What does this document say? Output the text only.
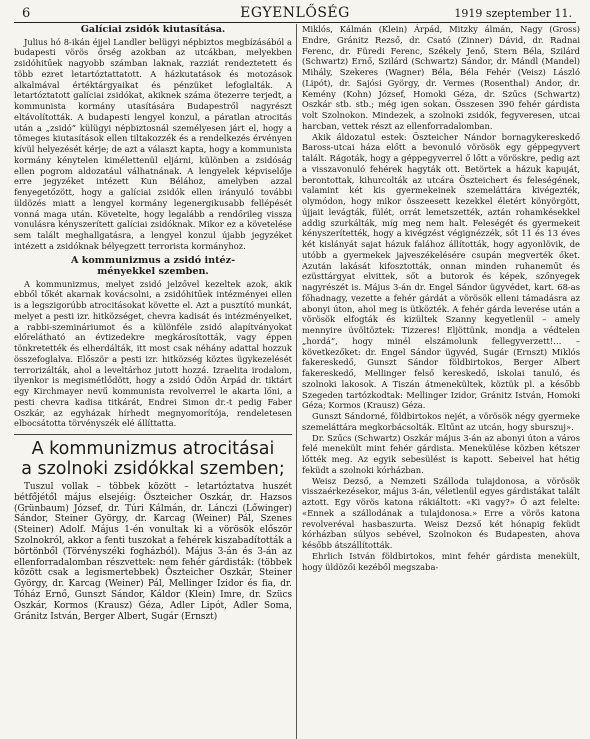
6	EGYENLŐSÉG	1919 szeptember 11.
Galíciai zsidók kiutasítása.

Julius hó 8-ikán éjjel Landler belügyi népbiztos megbízásából a budapesti vörös őrség azokban az utcákban, melyekben zsidóhitűek nagyobb számban laknak, razziát rendeztetett és több ezret letartóztattatott. A házkutatások és motozások alkalmával értéktárgyaikat és pénzüket lefoglalták. A letartóztatott galíciai zsidókat, akiknek száma ötezerre terjedt, a kommunista kormány utasítására Budapestről nagyrészt eltávolították. A budapesti lengyel konzul, a páratlan atrocitás után a „zsidó” külügyi népbiztosnál személyesen járt el, hogy a tömeges kiutasítások ellen tiltakozzék és a rendelkezés érvényen kívül helyezését kérje; de azt a választ kapta, hogy a kommunista kormány kénytelen kimélettenül eljárni, különben a zsidóság ellen pogrom aldozatául válhatnának. A lengyelek képviselője erre jegyzéket intézett Kun Bélához, amelyben azzal fenyegetőzött, hogy a galíciai zsidók ellen irányuló további üldözés miatt a lengyel kormány legenergikusabb fellépését vonná maga után. Követelte, hogy legalább a rendőrileg vissza vonulásra kényszerített galíciai zsidóknak. Mikor ez a követelése sem talált meghallgatásra, a lengyel konzul újabb jegyzéket intézett a zsidóknak bélyegzett terrorista kormányhoz.

A kommunizmus a zsidó intéz-
ményekkel szemben.

A kommunizmus, melyet zsidó jelzővel kezeltek azok, akik ebből tőkét akarnak kovácsolni, a zsidóhitűek intézményei ellen is a legszigorúbb atrocitásokat követte el. Azt a pusztító munkát, melyet a pesti izr. hitközséget, chevra kadisát és intézményeiket, a rabbi-szemináriumot és a különféle zsidó alapítványokat előrelátható an évtizedekre megkárosították, vagy éppen tönkretették és elherdálták, itt most csak néhány adattal hozzuk összefoglalva. Először a pesti izr. hitközség köztes ügykezelését terrorizálták, ahol a leveltárhoz jutott hozzá. Izraelita irodalom, ilyenkor is megismétlődött, hogy a zsidó Ödön Árpád dr. tiktárt egy Kirchmayer nevű kommunista revolverrel le akarta lőni, a pesti chevra kadisa titkárát, Endrei Simon dr.-t pedig Faber Oszkár, az egyházak hírhedt megnyomorítója, rendeletesen elbocsátotta törvényszék elé állíttatta.

A kommunizmus atrocitásai
a szolnoki zsidókkal szemben;

Tuszul vollak – többek között – letartóztatva huszét bétfőjétől május elsejéig: Öszteicher Oszkár, dr. Hazsos (Grünbaum) József, dr. Túri Kálmán, dr. Lánczi (Lőwinger) Sándor, Steiner György, dr. Karcag (Weiner) Pál, Szenes (Steiner) Adolf. Május 1-én vonultak ki a vörösök először Szolnokról, akkor a fenti tuszokat a fehérek kiszabadították a börtönből (Törvényszéki fogházból). Május 3-án és 3-án az ellenforradalomban részvettek: nem fehér gárdisták: (többek között csak a legismertebbek) Öszteicher Oszkár, Steiner György, dr. Karcag (Weiner) Pál, Mellinger Izidor és fia, dr. Tóház Ernő, Gunszt Sándor, Káldor (Klein) Imre, dr. Szücs Oszkár, Kormos (Krausz) Géza, Adler Lipót, Adler Soma, Gránitz István, Berger Albert, Sugár (Ernszt)

Miklós, Kálmán (Klein) Árpád, Mitzky álmán, Nagy (Gross) Endre, Gránitz Rezső, dr. Csató (Zinner) Dávid, dr. Radnai Ferenc, dr. Füredi Ferenc, Székely Jenő, Stern Béla, Szilárd (Schwartz) Ernő, Szilárd (Schwartz) Sándor, dr. Mándl (Mandel) Mihály, Szekeres (Wagner) Béla, Béla Fehér (Veisz) László (Lipót), dr. Sajósi György, dr. Vermes (Rosenthal) Andor, dr. Kemény (Kohn) József, Homoki Géza, dr. Szűcs (Schwartz) Oszkár stb. stb.; még igen sokan. Összesen 390 fehér gárdista volt Szolnokon. Mindezek, a szolnoki zsidók, fegyveresen, utcai harcban, vettek részt az ellenforradalomban.

Akik áldozatul estek: Öszteicher Nándor bornagykereskedő Baross-utcai háza előtt a bevonuló vörösök egy géppegyvert talált. Rágoták, hogy a géppegyverrel ő lőtt a vöröskre, pedig azt a visszavonuló fehérek hagyták ott. Betörtek a házuk kapuját, berontottak, kihurcolták az utcára Öszteichert és feleségének, valamint két kis gyermekeinek szemeláttára kivégezték, olymódon, hogy mikor összeesett kezekkel életért könyörgött, újjait levágták, fülét, orrát lemetszették, aztán rohamkésekkel addig szurkálták, míg meg nem halt. Feleségét és gyermekeit kényszerítették, hogy a kivégzést végignézzék, sőt 11 és 13 éves két kislányát sajat házuk falához állították, hogy agyonlövik, de utóbb a gyermekek jajveszékelésére csupán megverték őket. Azután lakását kifosztották, onnan minden ruhaneműt és ezüsttárgyat elvittek, sőt a butorok és képek, szőnyegek nagyrészét is. Május 3-án dr. Engel Sándor ügyvédet, kart. 68-as főhadnagy, vezette a fehér gárdát a vörösök elleni támadásra az abonyi úton, ahol meg is ütközték. A fehér gárda leverése után a vörösök elfogták és kizültek Szanny kegyetlenül – amely mennyire üvöltöztek: Tizzeres! Eljöttünk, mondja a védtelen „hordá”, hogy minél elszámolunk fellegyverzett!… – következőket: dr. Engel Sándor ügyvéd, Sugár (Ernszt) Miklós fakereskedő, Gunszt Sándor földbirtokos, Berger Albert fakereskedő, Mellinger felső kereskedő, iskolai tanuló, és szolnoki lakosok. A Tiszán átmenekültek, köztük pl. a később Szegeden tartózkodtak: Mellinger Izidor, Gránitz István, Homoki Géza; Kormos (Krausz) Géza.

Gunszt Sándorné, földbirtokos nejét, a vörösök négy gyermeke szemeláttára megkorbácsolták. Eltűnt az utcán, hogy sburszuj».

Dr. Szűcs (Schwartz) Oszkár május 3-án az abonyi úton a város felé menekült mint fehér gárdista. Menekülése közben kétszer lőtték meg. Az egyik sebesülést is kapott. Sebeivel hat hétig feküdt a szolnoki kórházban.

Weisz Dezső, a Nemzeti Szálloda tulajdonosa, a vörösök visszaérkezésekor, május 3-án, véletlenül egyes gárdistákat talált aztott. Egy vörös katona rákiáltott: «Ki vagy?» Ő azt felelte: «Ennek a szállodának a tulajdonosa.» Erre a vörös katona revolveréval hasbaszurta. Weisz Dezső két hónapig feküdt kórházban súlyos sebével, Szolnokon és Budapesten, ahova később átszállították.

Ehrlich István földbirtokos, mint fehér gárdista menekült, hogy üldözői kezéből megszaba-
